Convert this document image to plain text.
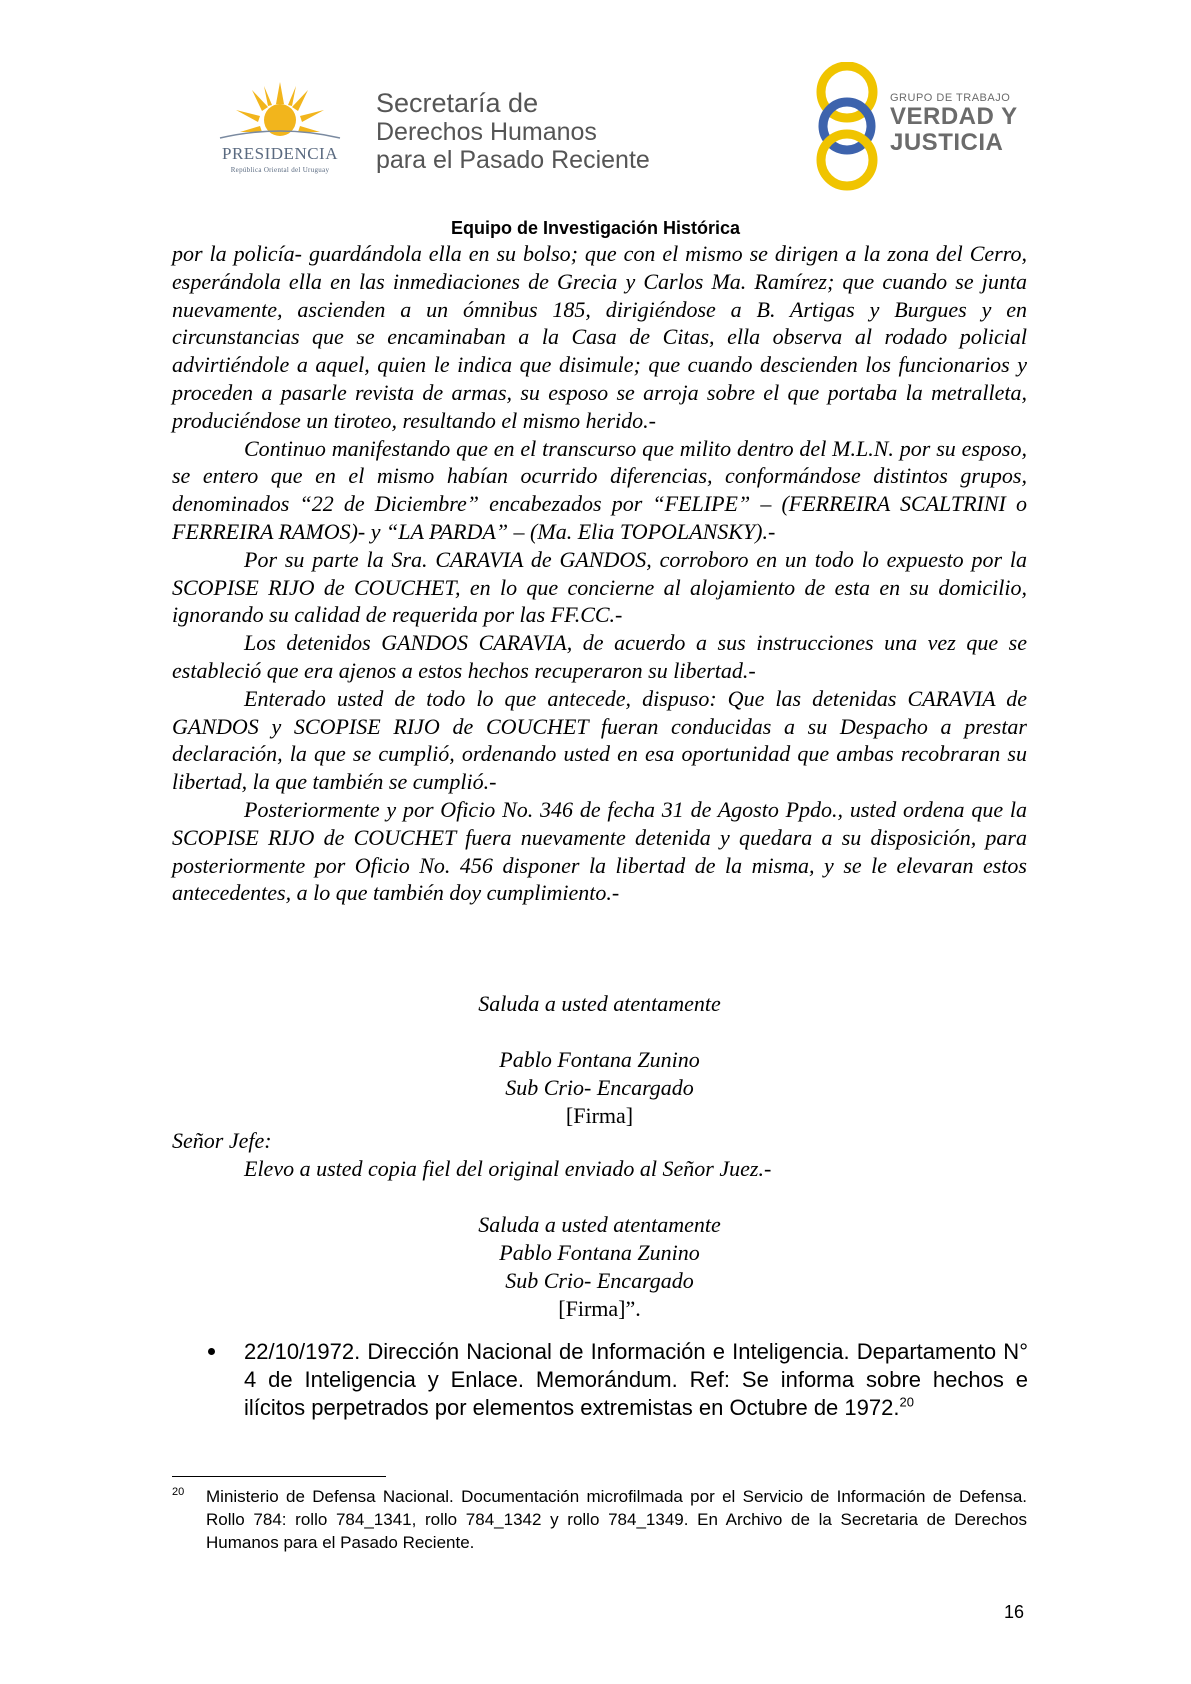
PRESIDENCIA
República Oriental del Uruguay
Secretaría de
Derechos Humanos
para el Pasado Reciente
GRUPO DE TRABAJO
VERDAD Y
JUSTICIA
Equipo de Investigación Histórica

por la policía- guardándola ella en su bolso; que con el mismo se dirigen a la zona del Cerro, esperándola ella en las inmediaciones de Grecia y Carlos Ma. Ramírez; que cuando se junta nuevamente, ascienden a un ómnibus 185, dirigiéndose a B. Artigas y Burgues y en circunstancias que se encaminaban a la Casa de Citas, ella observa al rodado policial advirtiéndole a aquel, quien le indica que disimule; que cuando descienden los funcionarios y proceden a pasarle revista de armas, su esposo se arroja sobre el que portaba la metralleta, produciéndose un tiroteo, resultando el mismo herido.-

Continuo manifestando que en el transcurso que milito dentro del M.L.N. por su esposo, se entero que en el mismo habían ocurrido diferencias, conformándose distintos grupos, denominados “22 de Diciembre” encabezados por “FELIPE” – (FERREIRA SCALTRINI o FERREIRA RAMOS)- y “LA PARDA” – (Ma. Elia TOPOLANSKY).-

Por su parte la Sra. CARAVIA de GANDOS, corroboro en un todo lo expuesto por la SCOPISE RIJO de COUCHET, en lo que concierne al alojamiento de esta en su domicilio, ignorando su calidad de requerida por las FF.CC.-

Los detenidos GANDOS CARAVIA, de acuerdo a sus instrucciones una vez que se estableció que era ajenos a estos hechos recuperaron su libertad.-

Enterado usted de todo lo que antecede, dispuso: Que las detenidas CARAVIA de GANDOS y SCOPISE RIJO de COUCHET fueran conducidas a su Despacho a prestar declaración, la que se cumplió, ordenando usted en esa oportunidad que ambas recobraran su libertad, la que también se cumplió.-

Posteriormente y por Oficio No. 346 de fecha 31 de Agosto Ppdo., usted ordena que la SCOPISE RIJO de COUCHET fuera nuevamente detenida y quedara a su disposición, para posteriormente por Oficio No. 456 disponer la libertad de la misma, y se le elevaran estos antecedentes, a lo que también doy cumplimiento.-

Saluda a usted atentamente
Pablo Fontana Zunino
Sub Crio- Encargado
[Firma]
Señor Jefe:
Elevo a usted copia fiel del original enviado al Señor Juez.-
Saluda a usted atentamente
Pablo Fontana Zunino
Sub Crio- Encargado
[Firma]”.
22/10/1972. Dirección Nacional de Información e Inteligencia. Departamento N° 4 de Inteligencia y Enlace. Memorándum. Ref: Se informa sobre hechos e ilícitos perpetrados por elementos extremistas en Octubre de 1972.20
20 Ministerio de Defensa Nacional. Documentación microfilmada por el Servicio de Información de Defensa. Rollo 784: rollo 784_1341, rollo 784_1342 y rollo 784_1349. En Archivo de la Secretaria de Derechos Humanos para el Pasado Reciente.
16
